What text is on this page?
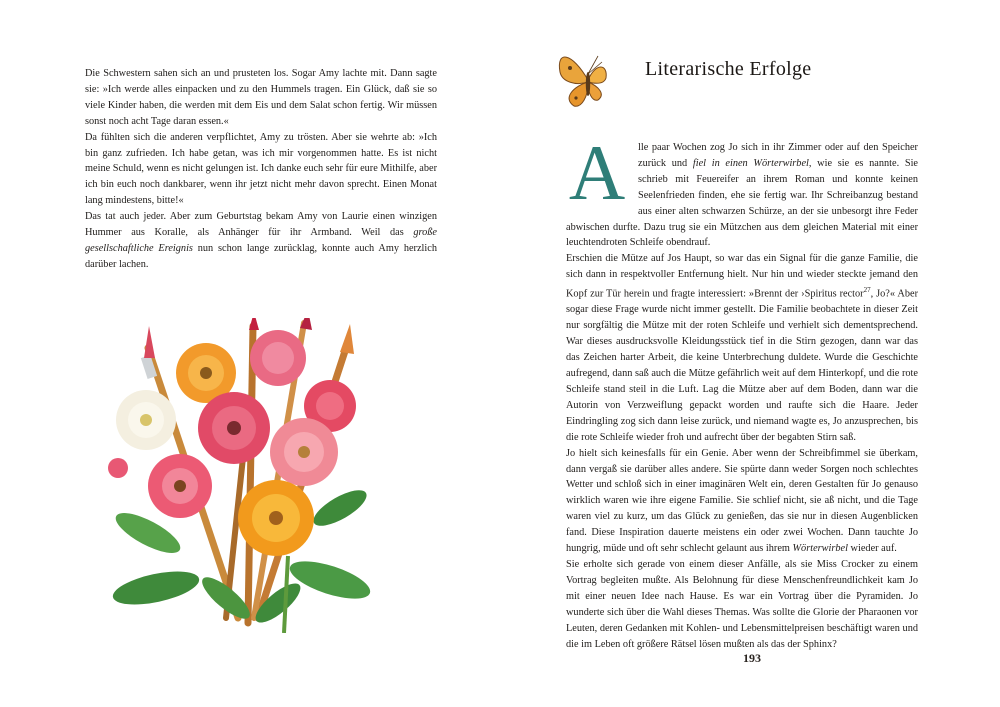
Die Schwestern sahen sich an und prusteten los. Sogar Amy lachte mit. Dann sagte sie: »Ich werde alles einpacken und zu den Hummels tragen. Ein Glück, daß sie so viele Kinder haben, die werden mit dem Eis und dem Salat schon fertig. Wir müssen sonst noch acht Tage daran essen.«

Da fühlten sich die anderen verpflichtet, Amy zu trösten. Aber sie wehrte ab: »Ich bin ganz zufrieden. Ich habe getan, was ich mir vorgenommen hatte. Es ist nicht meine Schuld, wenn es nicht gelungen ist. Ich danke euch sehr für eure Mithilfe, aber ich bin euch noch dankbarer, wenn ihr jetzt nicht mehr davon sprecht. Einen Monat lang mindestens, bitte!«

Das tat auch jeder. Aber zum Geburtstag bekam Amy von Laurie einen winzigen Hummer aus Koralle, als Anhänger für ihr Armband. Weil das große gesellschaftliche Ereignis nun schon lange zurücklag, konnte auch Amy herzlich darüber lachen.

Literarische Erfolge

A lle paar Wochen zog Jo sich in ihr Zimmer oder auf den Speicher zurück und fiel in einen Wörterwirbel, wie sie es nannte. Sie schrieb mit Feuereifer an ihrem Roman und konnte keinen Seelenfrieden finden, ehe sie fertig war. Ihr Schreibanzug bestand aus einer alten schwarzen Schürze, an der sie unbesorgt ihre Feder abwischen durfte. Dazu trug sie ein Mützchen aus dem gleichen Material mit einer leuchtendroten Schleife obendrauf.

Erschien die Mütze auf Jos Haupt, so war das ein Signal für die ganze Familie, die sich dann in respektvoller Entfernung hielt. Nur hin und wieder steckte jemand den Kopf zur Tür herein und fragte interessiert: »Brennt der ›Spiritus rector$^{27}$, Jo?« Aber sogar diese Frage wurde nicht immer gestellt. Die Familie beobachtete in dieser Zeit nur sorgfältig die Mütze mit der roten Schleife und verhielt sich dementsprechend. War dieses ausdrucksvolle Kleidungsstück tief in die Stirn gezogen, dann war das das Zeichen harter Arbeit, die keine Unterbrechung duldete. Wurde die Geschichte aufregend, dann saß auch die Mütze gefährlich weit auf dem Hinterkopf, und die rote Schleife stand steil in die Luft. Lag die Mütze aber auf dem Boden, dann war die Autorin von Verzweiflung gepackt worden und raufte sich die Haare. Jeder Eindringling zog sich dann leise zurück, und niemand wagte es, Jo anzusprechen, bis die rote Schleife wieder froh und aufrecht über der begabten Stirn saß.

Jo hielt sich keinesfalls für ein Genie. Aber wenn der Schreibfimmel sie überkam, dann vergaß sie darüber alles andere. Sie spürte dann weder Sorgen noch schlechtes Wetter und schloß sich in einer imaginären Welt ein, deren Gestalten für Jo genauso wirklich waren wie ihre eigene Familie. Sie schlief nicht, sie aß nicht, und die Tage waren viel zu kurz, um das Glück zu genießen, das sie nur in diesen Augenblicken fand. Diese Inspiration dauerte meistens ein oder zwei Wochen. Dann tauchte Jo hungrig, müde und oft sehr schlecht gelaunt aus ihrem Wörterwirbel wieder auf.

Sie erholte sich gerade von einem dieser Anfälle, als sie Miss Crocker zu einem Vortrag begleiten mußte. Als Belohnung für diese Menschenfreundlichkeit kam Jo mit einer neuen Idee nach Hause. Es war ein Vortrag über die Pyramiden. Jo wunderte sich über die Wahl dieses Themas. Was sollte die Glorie der Pharaonen vor Leuten, deren Gedanken mit Kohlen- und Lebensmittelpreisen beschäftigt waren und die im Leben oft größere Rätsel lösen mußten als das der Sphinx?

193
